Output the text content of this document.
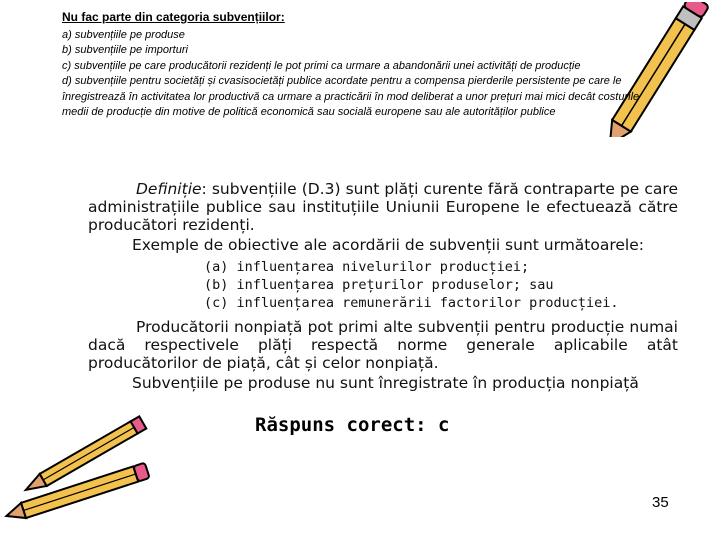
Nu fac parte din categoria subvențiilor:
a) subvențiile pe produse
b) subvențiile pe importuri
c) subvențiile pe care producătorii rezidenți le pot primi ca urmare a abandonării unei activități de producție
d) subvențiile pentru societăți și cvasisocietăți publice acordate pentru a compensa pierderile persistente pe care le înregistrează în activitatea lor productivă ca urmare a practicării în mod deliberat a unor prețuri mai mici decât costurile medii de producție din motive de politică economică sau socială europene sau ale autorităților publice
Definiție: subvențiile (D.3) sunt plăți curente fără contraparte pe care administrațiile publice sau instituțiile Uniunii Europene le efectuează către producători rezidenți.
Exemple de obiective ale acordării de subvenții sunt următoarele:
(a) influențarea nivelurilor producției;
(b) influențarea prețurilor produselor; sau
(c) influențarea remunerării factorilor producției.
Producătorii nonpiață pot primi alte subvenții pentru producție numai dacă respectivele plăți respectă norme generale aplicabile atât producătorilor de piață, cât și celor nonpiață.
Subvențiile pe produse nu sunt înregistrate în producția nonpiață
Răspuns corect: c
35
